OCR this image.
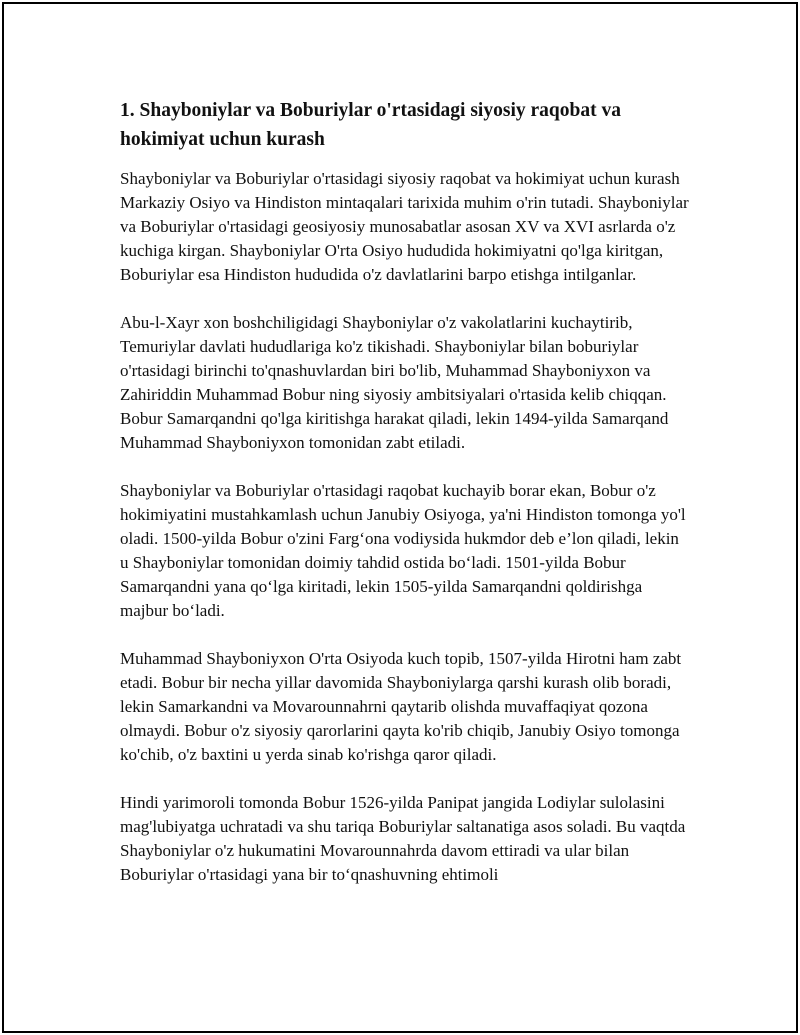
1. Shayboniylar va Boburiylar o'rtasidagi siyosiy raqobat va hokimiyat uchun kurash

Shayboniylar va Boburiylar o'rtasidagi siyosiy raqobat va hokimiyat uchun kurash Markaziy Osiyo va Hindiston mintaqalari tarixida muhim o'rin tutadi. Shayboniylar va Boburiylar o'rtasidagi geosiyosiy munosabatlar asosan XV va XVI asrlarda o'z kuchiga kirgan. Shayboniylar O'rta Osiyo hududida hokimiyatni qo'lga kiritgan, Boburiylar esa Hindiston hududida o'z davlatlarini barpo etishga intilganlar.

Abu-l-Xayr xon boshchiligidagi Shayboniylar o'z vakolatlarini kuchaytirib, Temuriylar davlati hududlariga ko'z tikishadi. Shayboniylar bilan boburiylar o'rtasidagi birinchi to'qnashuvlardan biri bo'lib, Muhammad Shayboniyxon va Zahiriddin Muhammad Bobur ning siyosiy ambitsiyalari o'rtasida kelib chiqqan. Bobur Samarqandni qo'lga kiritishga harakat qiladi, lekin 1494-yilda Samarqand Muhammad Shayboniyxon tomonidan zabt etiladi.

Shayboniylar va Boburiylar o'rtasidagi raqobat kuchayib borar ekan, Bobur o'z hokimiyatini mustahkamlash uchun Janubiy Osiyoga, ya'ni Hindiston tomonga yo'l oladi. 1500-yilda Bobur o'zini Farg‘ona vodiysida hukmdor deb e’lon qiladi, lekin u Shayboniylar tomonidan doimiy tahdid ostida bo‘ladi. 1501-yilda Bobur Samarqandni yana qo‘lga kiritadi, lekin 1505-yilda Samarqandni qoldirishga majbur bo‘ladi.

Muhammad Shayboniyxon O'rta Osiyoda kuch topib, 1507-yilda Hirotni ham zabt etadi. Bobur bir necha yillar davomida Shayboniylarga qarshi kurash olib boradi, lekin Samarkandni va Movarounnahrni qaytarib olishda muvaffaqiyat qozona olmaydi. Bobur o'z siyosiy qarorlarini qayta ko'rib chiqib, Janubiy Osiyo tomonga ko'chib, o'z baxtini u yerda sinab ko'rishga qaror qiladi.

Hindi yarimoroli tomonda Bobur 1526-yilda Panipat jangida Lodiylar sulolasini mag'lubiyatga uchratadi va shu tariqa Boburiylar saltanatiga asos soladi. Bu vaqtda Shayboniylar o'z hukumatini Movarounnahrda davom ettiradi va ular bilan Boburiylar o'rtasidagi yana bir to‘qnashuvning ehtimoli
